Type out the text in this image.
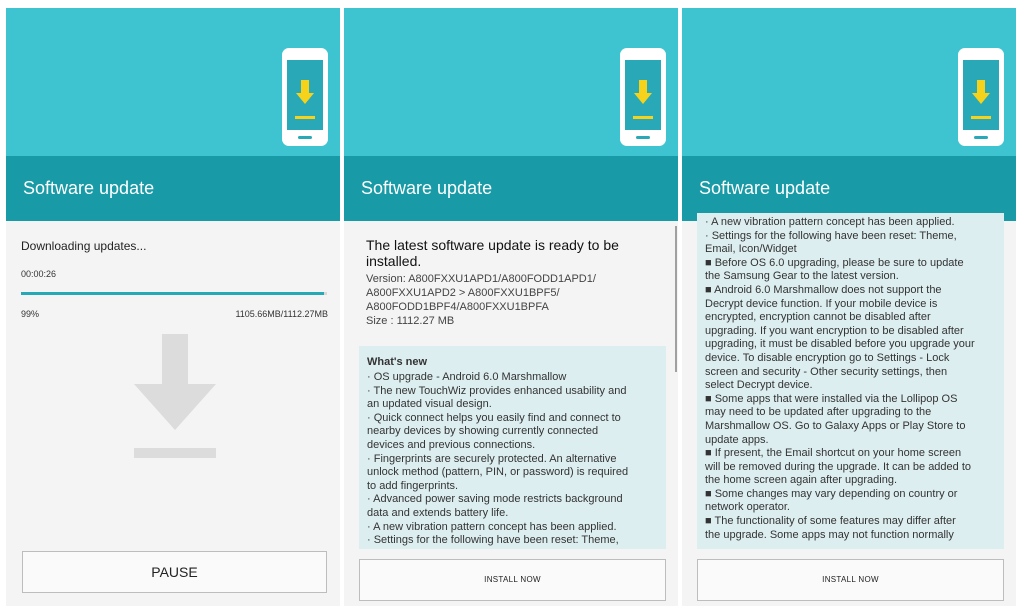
Software update
Downloading updates...
00:00:26
99%	1105.66MB/1112.27MB
PAUSE
Software update
The latest software update is ready to be
installed.
Version: A800FXXU1APD1/A800FODD1APD1/
A800FXXU1APD2 > A800FXXU1BPF5/
A800FODD1BPF4/A800FXXU1BPFA
Size : 1112.27 MB
What's new
· OS upgrade - Android 6.0 Marshmallow
· The new TouchWiz provides enhanced usability and
an updated visual design.
· Quick connect helps you easily find and connect to
nearby devices by showing currently connected
devices and previous connections.
· Fingerprints are securely protected. An alternative
unlock method (pattern, PIN, or password) is required
to add fingerprints.
· Advanced power saving mode restricts background
data and extends battery life.
· A new vibration pattern concept has been applied.
· Settings for the following have been reset: Theme,
INSTALL NOW
Software update
· A new vibration pattern concept has been applied.
· Settings for the following have been reset: Theme,
Email, Icon/Widget
■ Before OS 6.0 upgrading, please be sure to update
the Samsung Gear to the latest version.
■ Android 6.0 Marshmallow does not support the
Decrypt device function. If your mobile device is
encrypted, encryption cannot be disabled after
upgrading. If you want encryption to be disabled after
upgrading, it must be disabled before you upgrade your
device. To disable encryption go to Settings - Lock
screen and security - Other security settings, then
select Decrypt device.
■ Some apps that were installed via the Lollipop OS
may need to be updated after upgrading to the
Marshmallow OS. Go to Galaxy Apps or Play Store to
update apps.
■ If present, the Email shortcut on your home screen
will be removed during the upgrade. It can be added to
the home screen again after upgrading.
■ Some changes may vary depending on country or
network operator.
■ The functionality of some features may differ after
the upgrade. Some apps may not function normally
INSTALL NOW
